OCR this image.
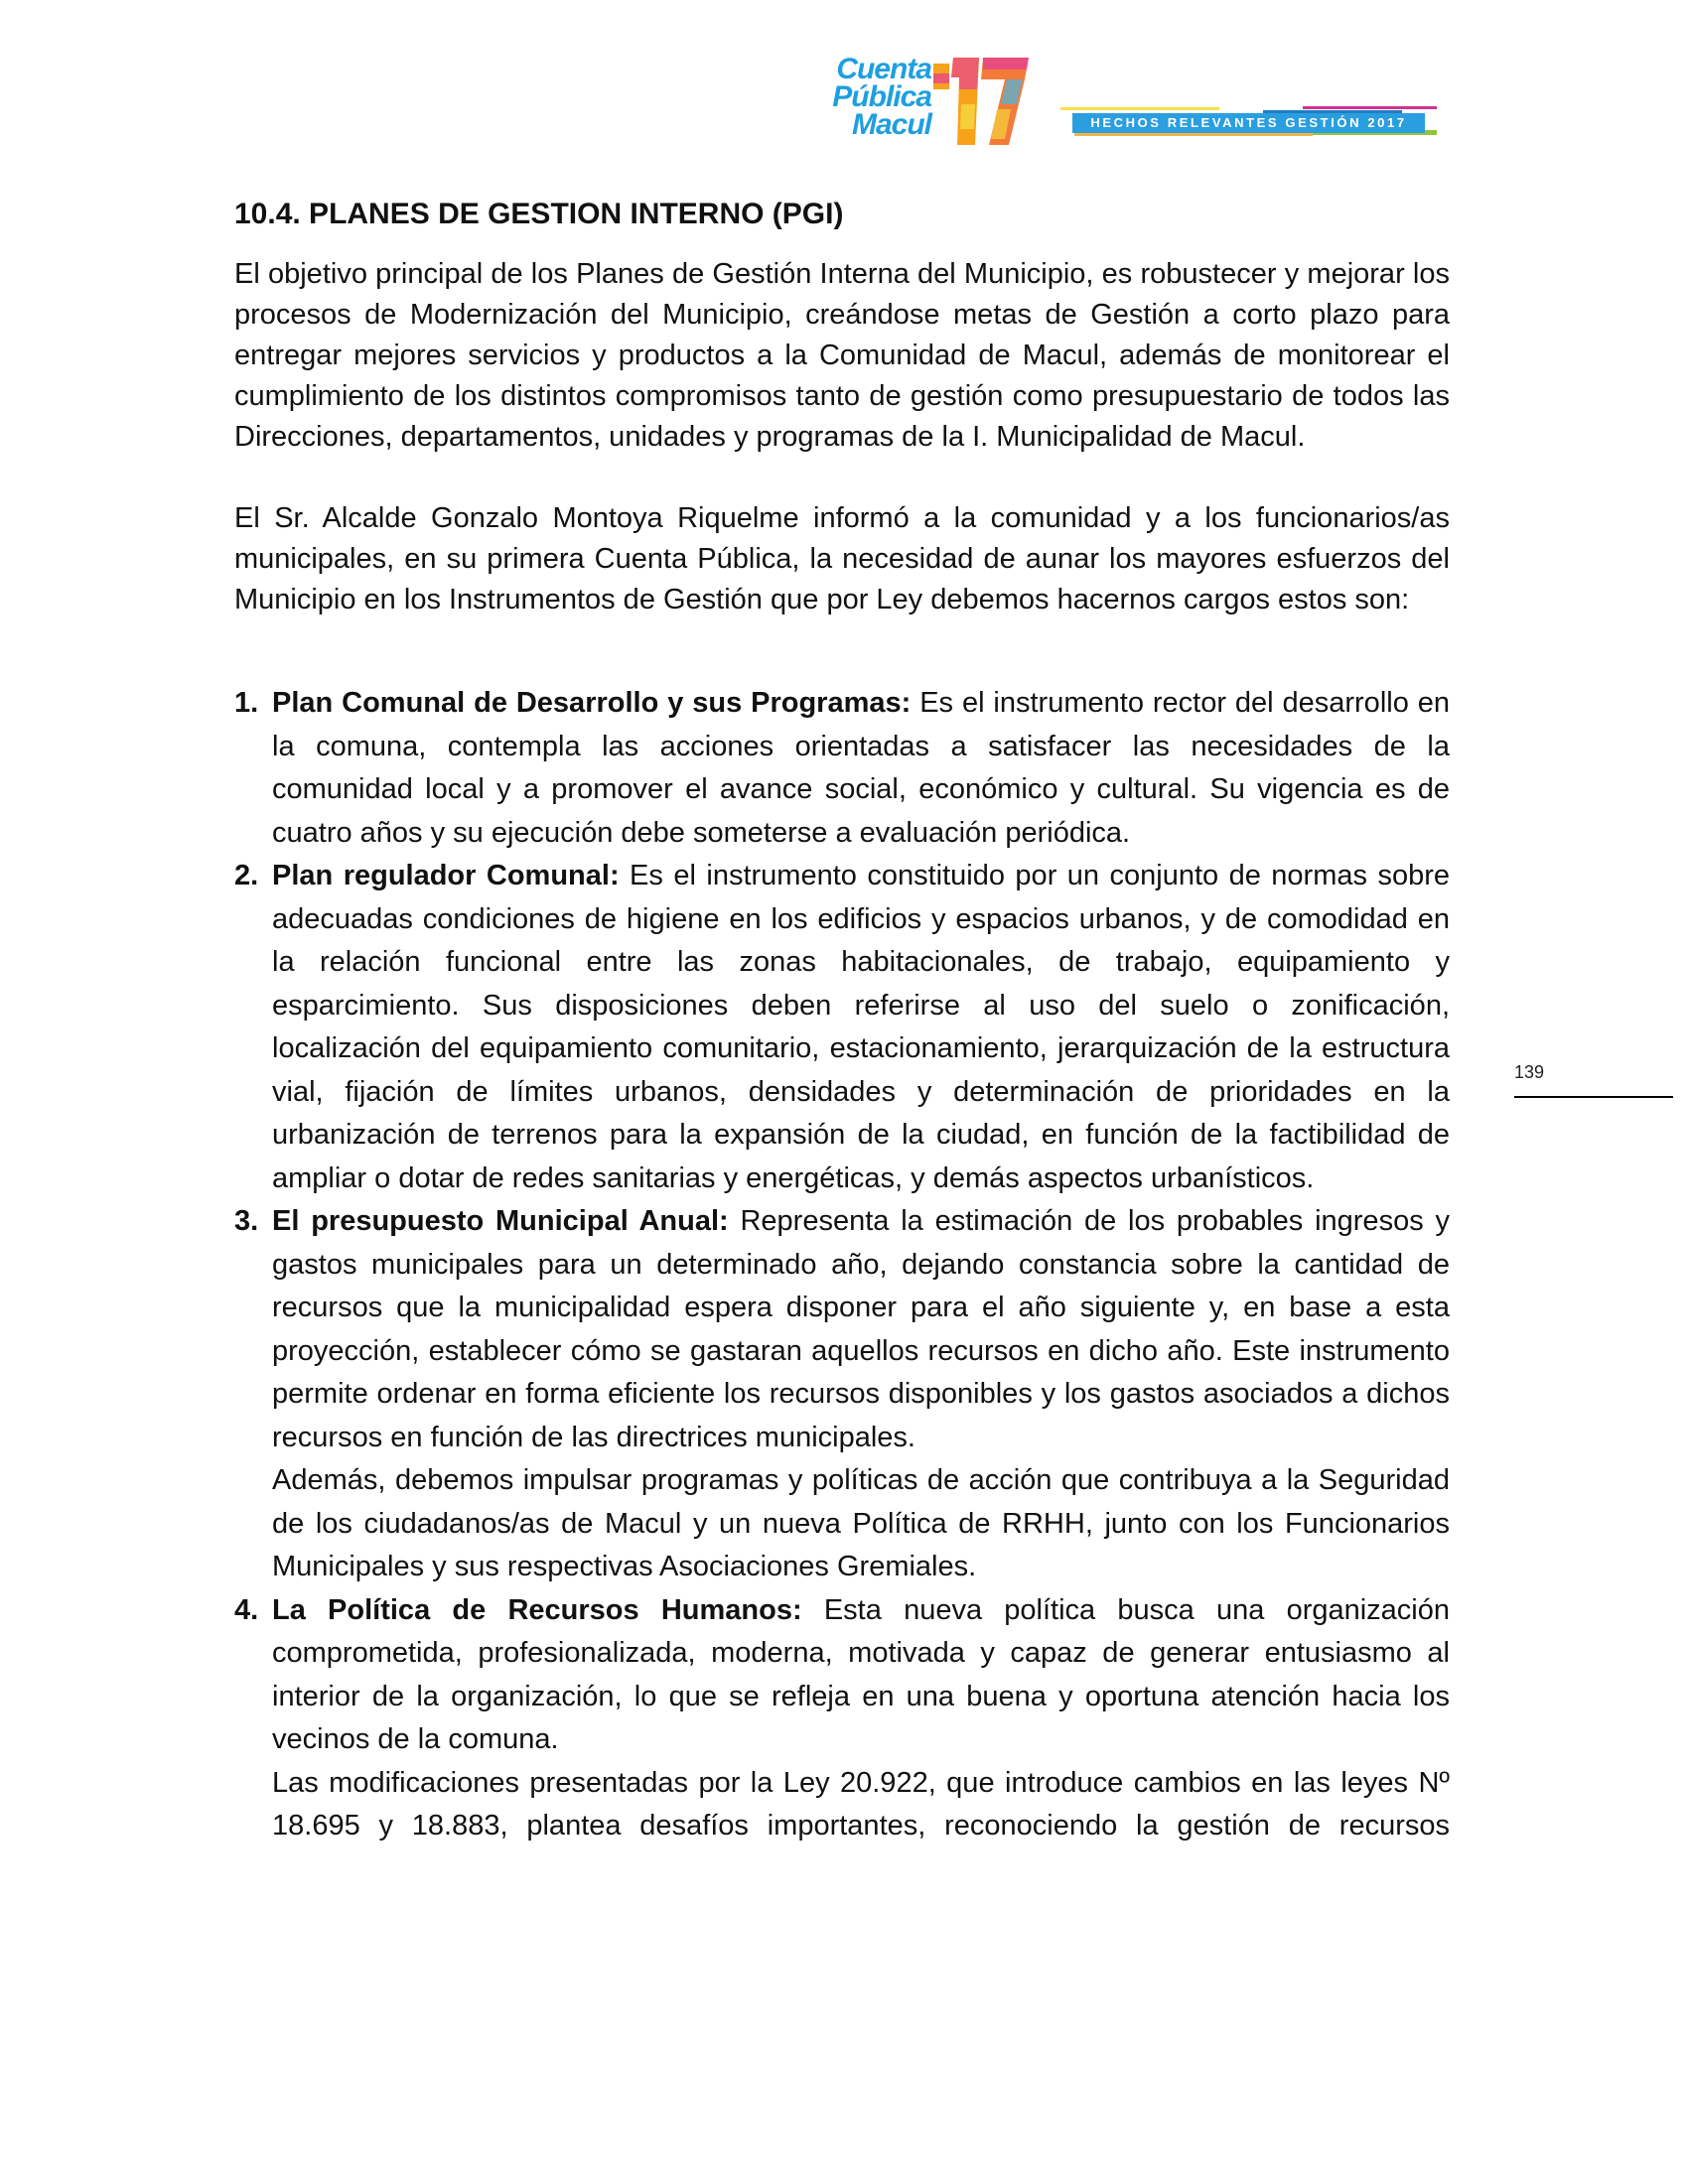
Cuenta
Pública
Macul	HECHOS RELEVANTES GESTIÓN 2017
10.4. PLANES DE GESTION INTERNO (PGI)

El objetivo principal de los Planes de Gestión Interna del Municipio, es robustecer y mejorar los procesos de Modernización del Municipio, creándose metas de Gestión a corto plazo para entregar mejores servicios y productos a la Comunidad de Macul, además de monitorear el cumplimiento de los distintos compromisos tanto de gestión como presupuestario de todos las Direcciones, departamentos, unidades y programas de la I. Municipalidad de Macul.

El Sr. Alcalde Gonzalo Montoya Riquelme informó a la comunidad y a los funcionarios/as municipales, en su primera Cuenta Pública, la necesidad de aunar los mayores esfuerzos del Municipio en los Instrumentos de Gestión que por Ley debemos hacernos cargos estos son:

1. Plan Comunal de Desarrollo y sus Programas: Es el instrumento rector del desarrollo en la comuna, contempla las acciones orientadas a satisfacer las necesidades de la comunidad local y a promover el avance social, económico y cultural. Su vigencia es de cuatro años y su ejecución debe someterse a evaluación periódica.

2. Plan regulador Comunal: Es el instrumento constituido por un conjunto de normas sobre adecuadas condiciones de higiene en los edificios y espacios urbanos, y de comodidad en la relación funcional entre las zonas habitacionales, de trabajo, equipamiento y esparcimiento. Sus disposiciones deben referirse al uso del suelo o zonificación, localización del equipamiento comunitario, estacionamiento, jerarquización de la estructura vial, fijación de límites urbanos, densidades y determinación de prioridades en la urbanización de terrenos para la expansión de la ciudad, en función de la factibilidad de ampliar o dotar de redes sanitarias y energéticas, y demás aspectos urbanísticos.

3. El presupuesto Municipal Anual: Representa la estimación de los probables ingresos y gastos municipales para un determinado año, dejando constancia sobre la cantidad de recursos que la municipalidad espera disponer para el año siguiente y, en base a esta proyección, establecer cómo se gastaran aquellos recursos en dicho año. Este instrumento permite ordenar en forma eficiente los recursos disponibles y los gastos asociados a dichos recursos en función de las directrices municipales.

Además, debemos impulsar programas y políticas de acción que contribuya a la Seguridad de los ciudadanos/as de Macul y un nueva Política de RRHH, junto con los Funcionarios Municipales y sus respectivas Asociaciones Gremiales.

4. La Política de Recursos Humanos: Esta nueva política busca una organización comprometida, profesionalizada, moderna, motivada y capaz de generar entusiasmo al interior de la organización, lo que se refleja en una buena y oportuna atención hacia los vecinos de la comuna.

Las modificaciones presentadas por la Ley 20.922, que introduce cambios en las leyes Nº 18.695 y 18.883, plantea desafíos importantes, reconociendo la gestión de recursos

139
